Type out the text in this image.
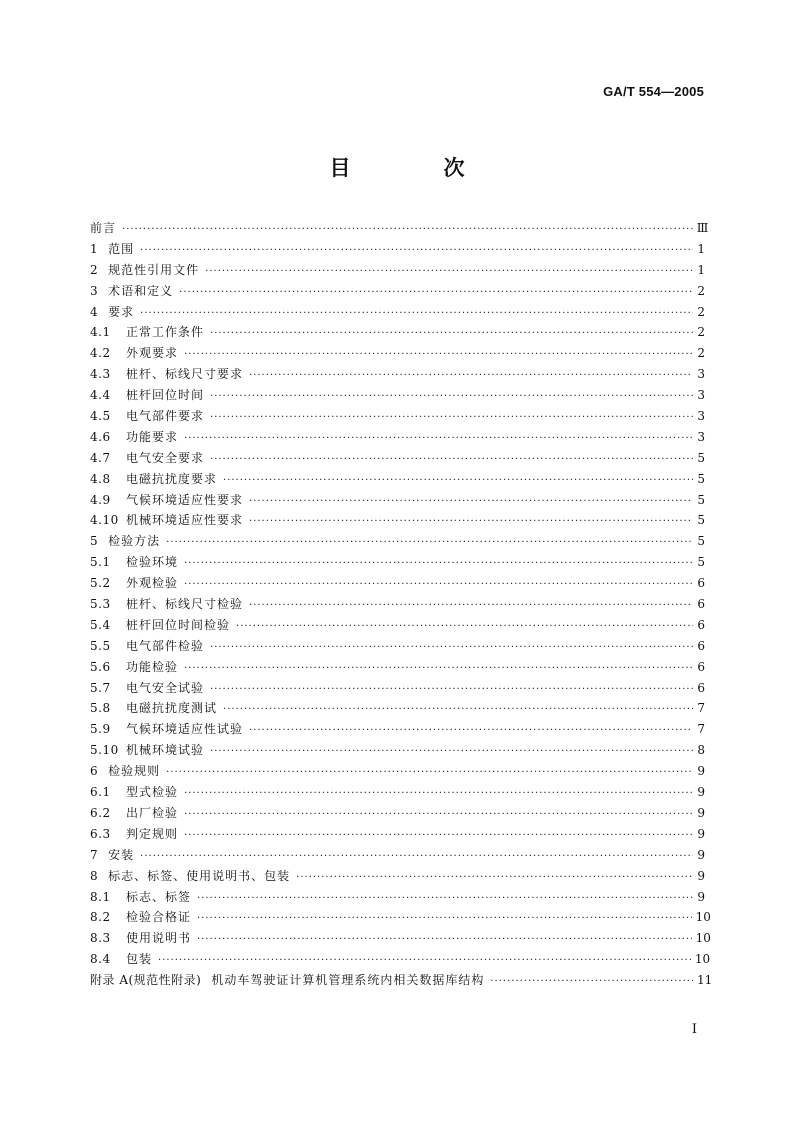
GA/T 554—2005
目　次
前言 ·····	Ⅲ
1 范围 ·····	1
2 规范性引用文件 ·····	1
3 术语和定义 ·····	2
4 要求 ·····	2
4.1	正常工作条件 ·····	2
4.2	外观要求 ·····	2
4.3	桩杆、标线尺寸要求 ·····	3
4.4	桩杆回位时间 ·····	3
4.5	电气部件要求 ·····	3
4.6	功能要求 ·····	3
4.7	电气安全要求 ·····	5
4.8	电磁抗扰度要求 ·····	5
4.9	气候环境适应性要求 ·····	5
4.10 机械环境适应性要求 ·····	5
5 检验方法 ·····	5
5.1	检验环境 ·····	5
5.2	外观检验 ·····	6
5.3	桩杆、标线尺寸检验 ·····	6
5.4	桩杆回位时间检验 ·····	6
5.5	电气部件检验 ·····	6
5.6	功能检验 ·····	6
5.7	电气安全试验 ·····	6
5.8	电磁抗扰度测试 ·····	7
5.9	气候环境适应性试验 ·····	7
5.10 机械环境试验 ·····	8
6 检验规则 ·····	9
6.1	型式检验 ·····	9
6.2	出厂检验 ·····	9
6.3	判定规则 ·····	9
7 安装 ·····	9
8 标志、标签、使用说明书、包装 ·····	9
8.1	标志、标签 ·····	9
8.2	检验合格证 ·····	10
8.3	使用说明书 ·····	10
8.4	包装 ·····	10
附录 A(规范性附录) 机动车驾驶证计算机管理系统内相关数据库结构 ·····	11
Ⅰ
